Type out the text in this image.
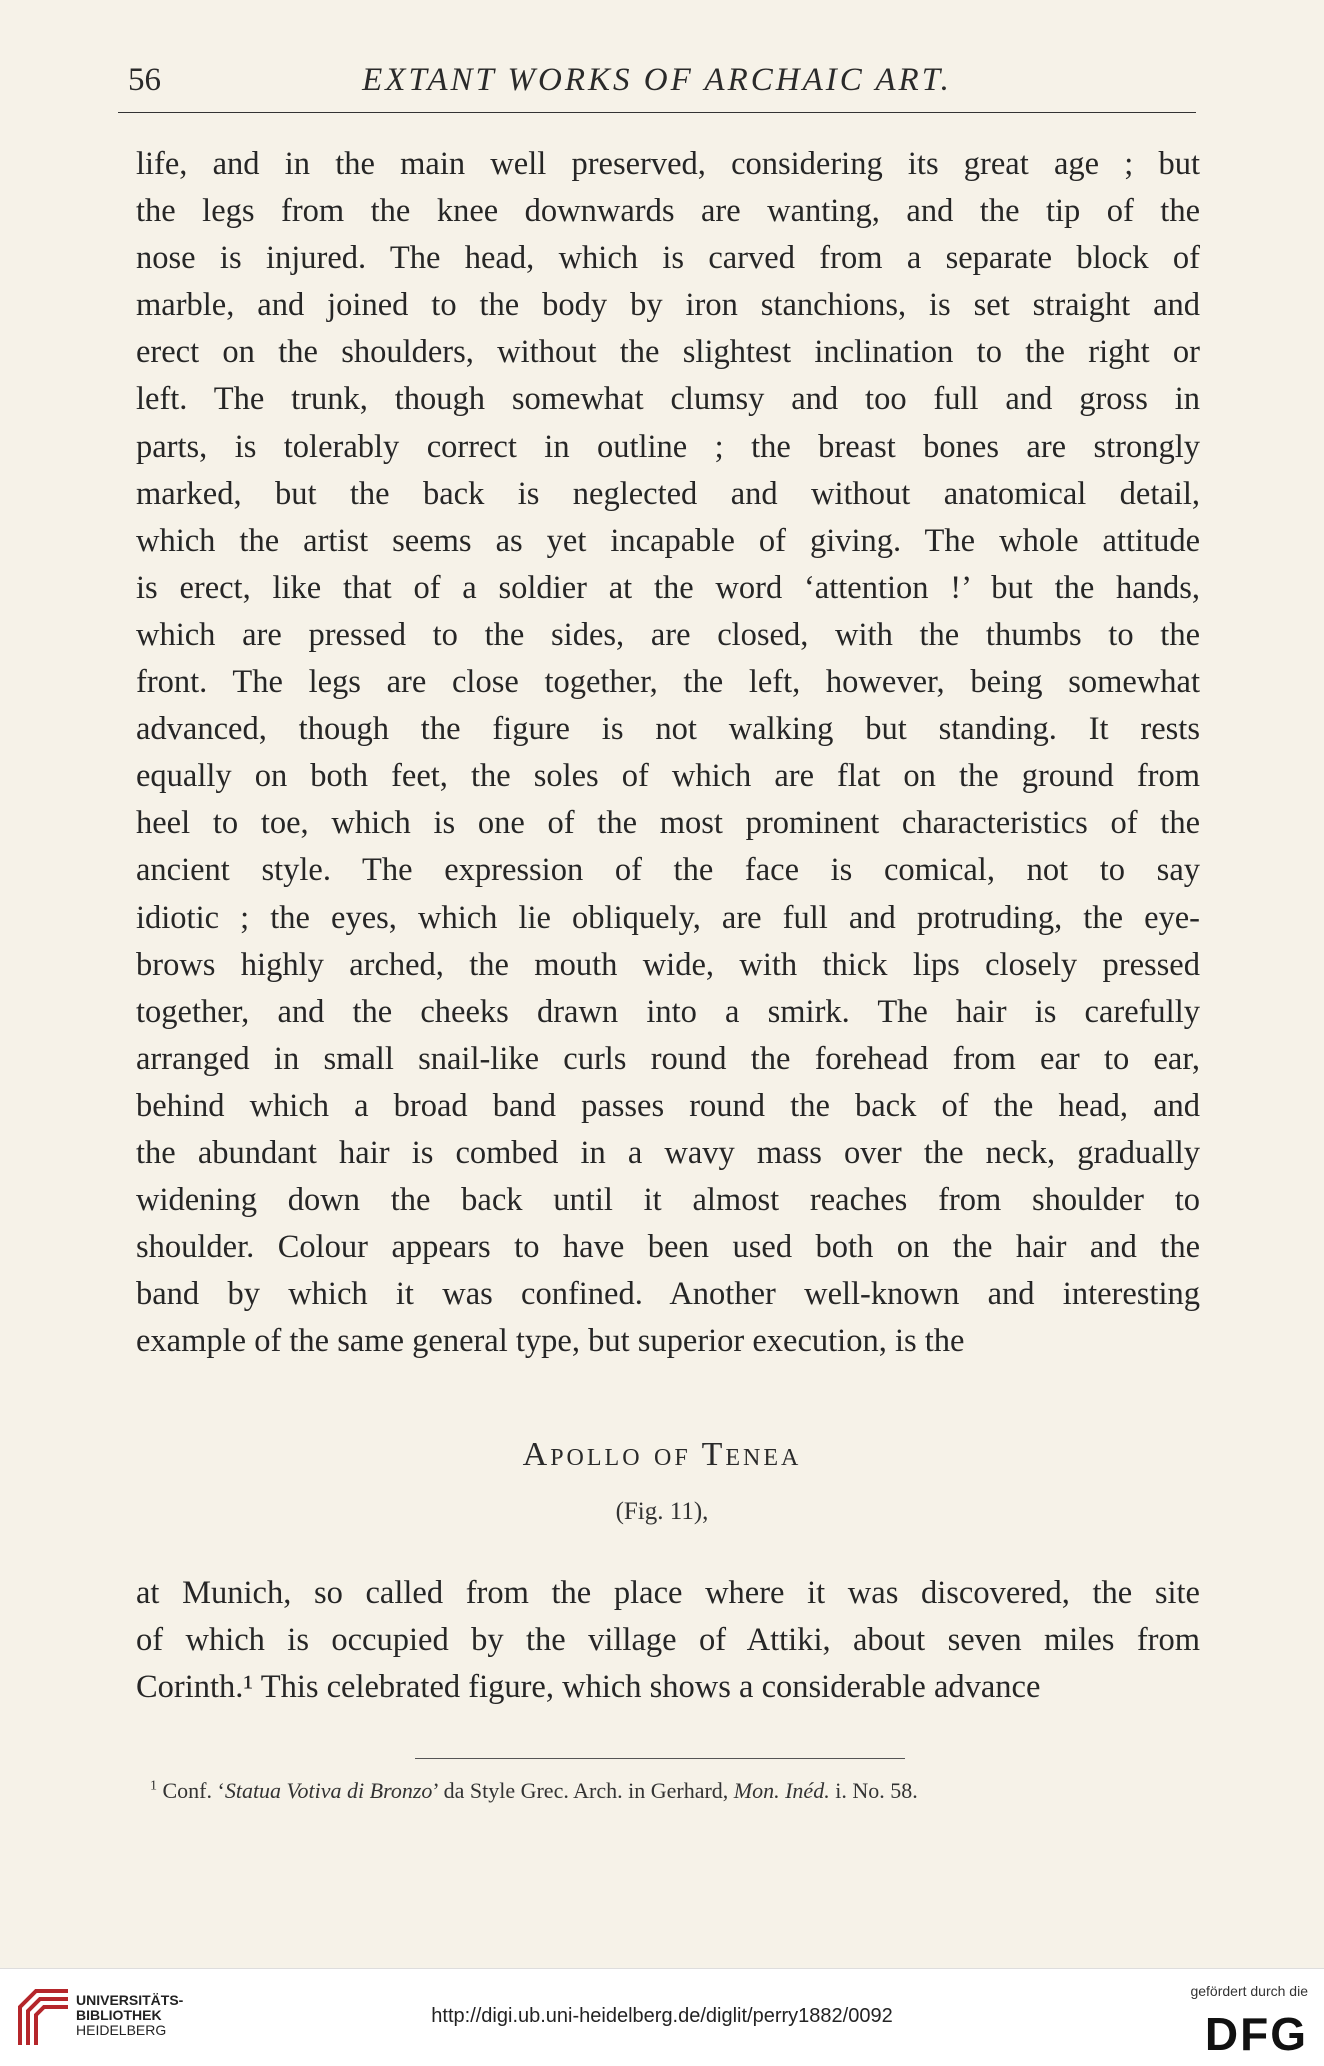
56	EXTANT WORKS OF ARCHAIC ART.
life, and in the main well preserved, considering its great age ; but
the legs from the knee downwards are wanting, and the tip of the
nose is injured. The head, which is carved from a separate block of
marble, and joined to the body by iron stanchions, is set straight and
erect on the shoulders, without the slightest inclination to the right or
left. The trunk, though somewhat clumsy and too full and gross in
parts, is tolerably correct in outline ; the breast bones are strongly
marked, but the back is neglected and without anatomical detail,
which the artist seems as yet incapable of giving. The whole attitude
is erect, like that of a soldier at the word ‘attention !’ but the hands,
which are pressed to the sides, are closed, with the thumbs to the
front. The legs are close together, the left, however, being somewhat
advanced, though the figure is not walking but standing. It rests
equally on both feet, the soles of which are flat on the ground from
heel to toe, which is one of the most prominent characteristics of the
ancient style. The expression of the face is comical, not to say
idiotic ; the eyes, which lie obliquely, are full and protruding, the eye-
brows highly arched, the mouth wide, with thick lips closely pressed
together, and the cheeks drawn into a smirk. The hair is carefully
arranged in small snail-like curls round the forehead from ear to ear,
behind which a broad band passes round the back of the head, and
the abundant hair is combed in a wavy mass over the neck, gradually
widening down the back until it almost reaches from shoulder to
shoulder. Colour appears to have been used both on the hair and the
band by which it was confined. Another well-known and interesting
example of the same general type, but superior execution, is the
Apollo of Tenea
(Fig. 11),
at Munich, so called from the place where it was discovered, the site
of which is occupied by the village of Attiki, about seven miles from
Corinth.¹ This celebrated figure, which shows a considerable advance
$^1$ Conf. ‘Statua Votiva di Bronzo’ da Style Grec. Arch. in Gerhard, Mon. Inéd. i. No. 58.
UNIVERSITÄTS-
BIBLIOTHEK
HEIDELBERG
http://digi.ub.uni-heidelberg.de/diglit/perry1882/0092
gefördert durch die
DFG
